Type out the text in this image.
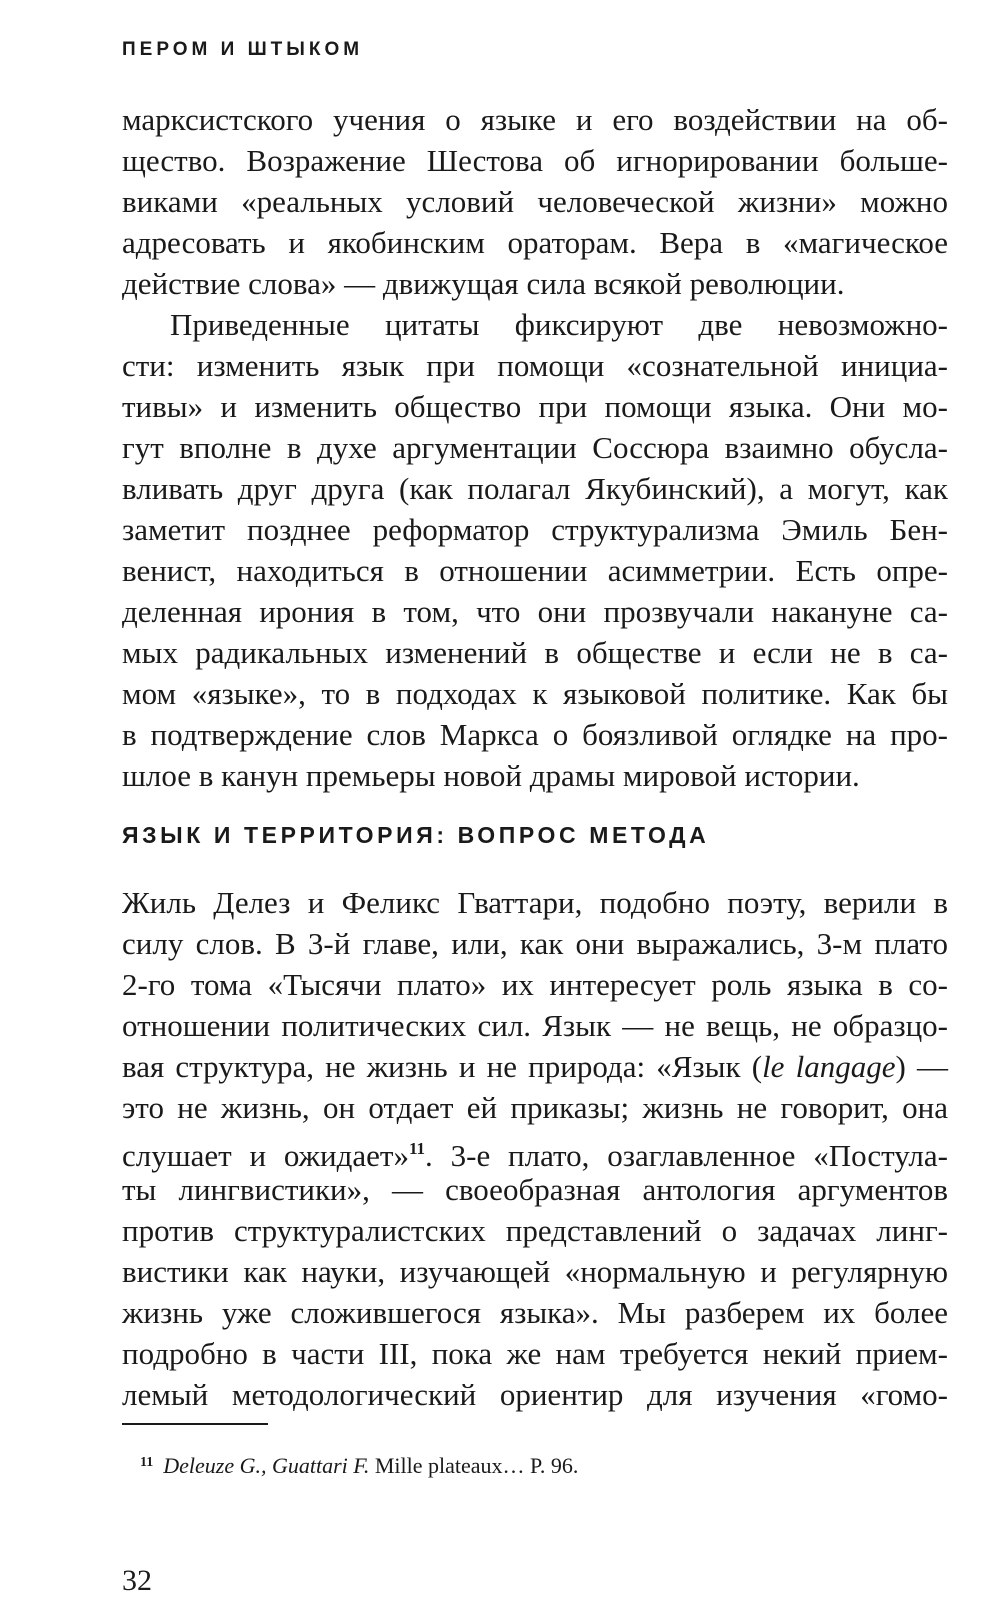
ПЕРОМ И ШТЫКОМ
марксистского учения о языке и его воздействии на об-
щество. Возражение Шестова об игнорировании больше-
виками «реальных условий человеческой жизни» можно
адресовать и якобинским ораторам. Вера в «магическое
действие слова» — движущая сила всякой революции.
Приведенные цитаты фиксируют две невозможно-
сти: изменить язык при помощи «сознательной инициа-
тивы» и изменить общество при помощи языка. Они мо-
гут вполне в духе аргументации Соссюра взаимно обусла-
вливать друг друга (как полагал Якубинский), а могут, как
заметит позднее реформатор структурализма Эмиль Бен-
венист, находиться в отношении асимметрии. Есть опре-
деленная ирония в том, что они прозвучали накануне са-
мых радикальных изменений в обществе и если не в са-
мом «языке», то в подходах к языковой политике. Как бы
в подтверждение слов Маркса о боязливой оглядке на про-
шлое в канун премьеры новой драмы мировой истории.
ЯЗЫК И ТЕРРИТОРИЯ: ВОПРОС МЕТОДА
Жиль Делез и Феликс Гваттари, подобно поэту, верили в
силу слов. В 3-й главе, или, как они выражались, 3-м плато
2-го тома «Тысячи плато» их интересует роль языка в со-
отношении политических сил. Язык — не вещь, не образцо-
вая структура, не жизнь и не природа: «Язык (le langage) —
это не жизнь, он отдает ей приказы; жизнь не говорит, она
слушает и ожидает»$^{11}$. 3-е плато, озаглавленное «Постула-
ты лингвистики», — своеобразная антология аргументов
против структуралистских представлений о задачах линг-
вистики как науки, изучающей «нормальную и регулярную
жизнь уже сложившегося языка». Мы разберем их более
подробно в части III, пока же нам требуется некий прием-
лемый методологический ориентир для изучения «гомо-
$^{11}$ Deleuze G., Guattari F. Mille plateaux… P. 96.
32
